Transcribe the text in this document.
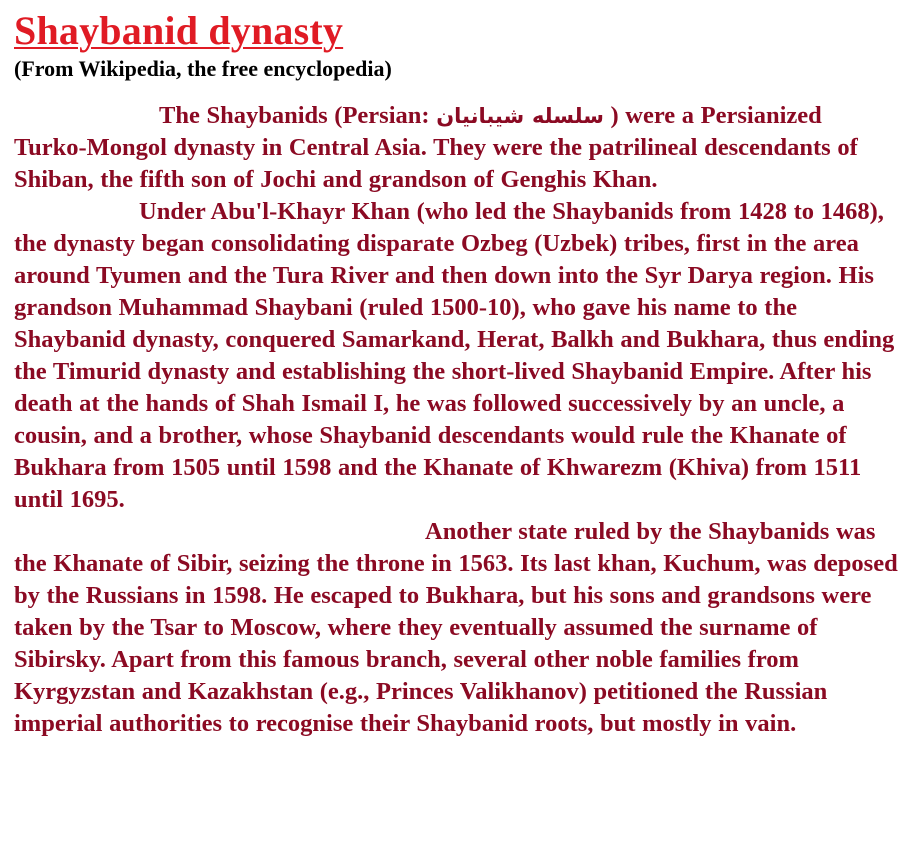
Shaybanid dynasty
(From Wikipedia, the free encyclopedia)

The Shaybanids (Persian: سلسله شیبانیان ) were a Persianized Turko-Mongol dynasty in Central Asia. They were the patrilineal descendants of Shiban, the fifth son of Jochi and grandson of Genghis Khan.

Under Abu'l-Khayr Khan (who led the Shaybanids from 1428 to 1468), the dynasty began consolidating disparate Ozbeg (Uzbek) tribes, first in the area around Tyumen and the Tura River and then down into the Syr Darya region. His grandson Muhammad Shaybani (ruled 1500-10), who gave his name to the Shaybanid dynasty, conquered Samarkand, Herat, Balkh and Bukhara, thus ending the Timurid dynasty and establishing the short-lived Shaybanid Empire. After his death at the hands of Shah Ismail I, he was followed successively by an uncle, a cousin, and a brother, whose Shaybanid descendants would rule the Khanate of Bukhara from 1505 until 1598 and the Khanate of Khwarezm (Khiva) from 1511 until 1695.

Another state ruled by the Shaybanids was the Khanate of Sibir, seizing the throne in 1563. Its last khan, Kuchum, was deposed by the Russians in 1598. He escaped to Bukhara, but his sons and grandsons were taken by the Tsar to Moscow, where they eventually assumed the surname of Sibirsky. Apart from this famous branch, several other noble families from Kyrgyzstan and Kazakhstan (e.g., Princes Valikhanov) petitioned the Russian imperial authorities to recognise their Shaybanid roots, but mostly in vain.
